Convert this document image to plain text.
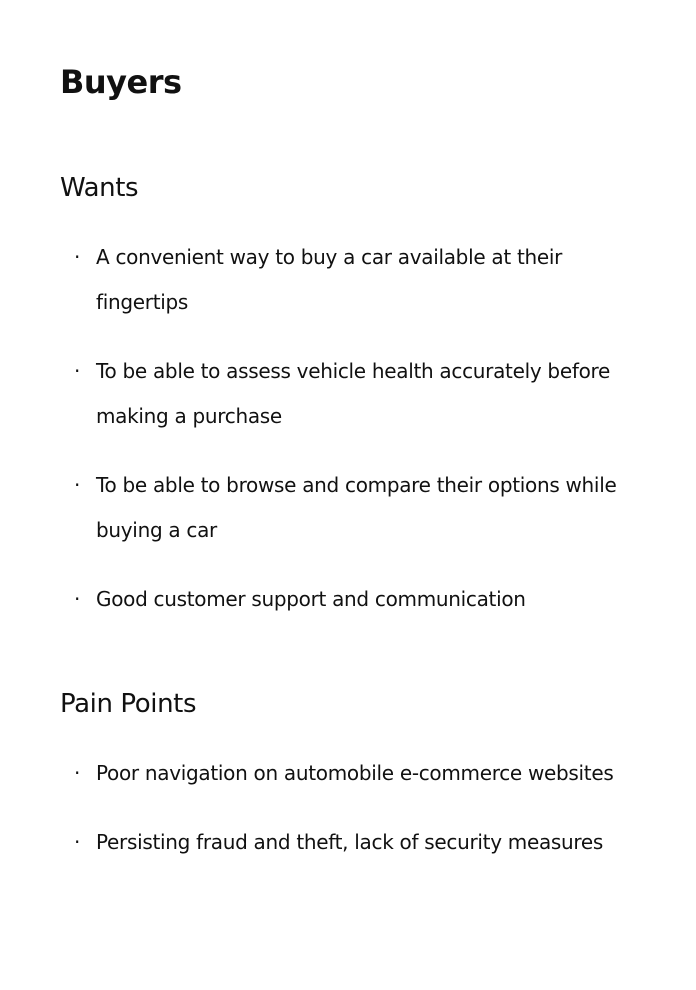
Buyers
Wants
· A convenient way to buy a car available at their fingertips
· To be able to assess vehicle health accurately before making a purchase
· To be able to browse and compare their options while buying a car
· Good customer support and communication
Pain Points
· Poor navigation on automobile e-commerce websites
· Persisting fraud and theft, lack of security measures
